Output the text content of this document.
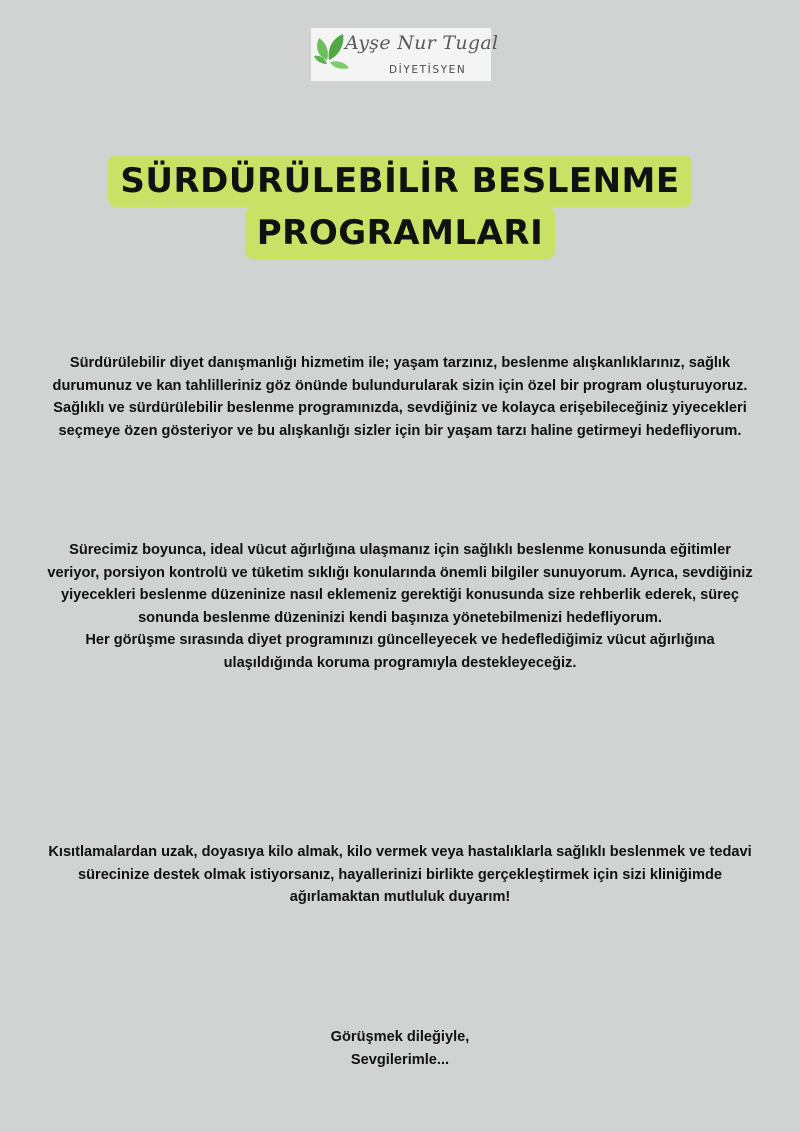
Ayşe Nur Tugal
DİYETİSYEN
SÜRDÜRÜLEBİLİR BESLENME
PROGRAMLARI
Sürdürülebilir diyet danışmanlığı hizmetim ile; yaşam tarzınız, beslenme alışkanlıklarınız, sağlık
durumunuz ve kan tahlilleriniz göz önünde bulundurularak sizin için özel bir program oluşturuyoruz.
Sağlıklı ve sürdürülebilir beslenme programınızda, sevdiğiniz ve kolayca erişebileceğiniz yiyecekleri
seçmeye özen gösteriyor ve bu alışkanlığı sizler için bir yaşam tarzı haline getirmeyi hedefliyorum.
Sürecimiz boyunca, ideal vücut ağırlığına ulaşmanız için sağlıklı beslenme konusunda eğitimler
veriyor, porsiyon kontrolü ve tüketim sıklığı konularında önemli bilgiler sunuyorum. Ayrıca, sevdiğiniz
yiyecekleri beslenme düzeninize nasıl eklemeniz gerektiği konusunda size rehberlik ederek, süreç
sonunda beslenme düzeninizi kendi başınıza yönetebilmenizi hedefliyorum.
Her görüşme sırasında diyet programınızı güncelleyecek ve hedeflediğimiz vücut ağırlığına
ulaşıldığında koruma programıyla destekleyeceğiz.
Kısıtlamalardan uzak, doyasıya kilo almak, kilo vermek veya hastalıklarla sağlıklı beslenmek ve tedavi
sürecinize destek olmak istiyorsanız, hayallerinizi birlikte gerçekleştirmek için sizi kliniğimde
ağırlamaktan mutluluk duyarım!
Görüşmek dileğiyle,
Sevgilerimle...
